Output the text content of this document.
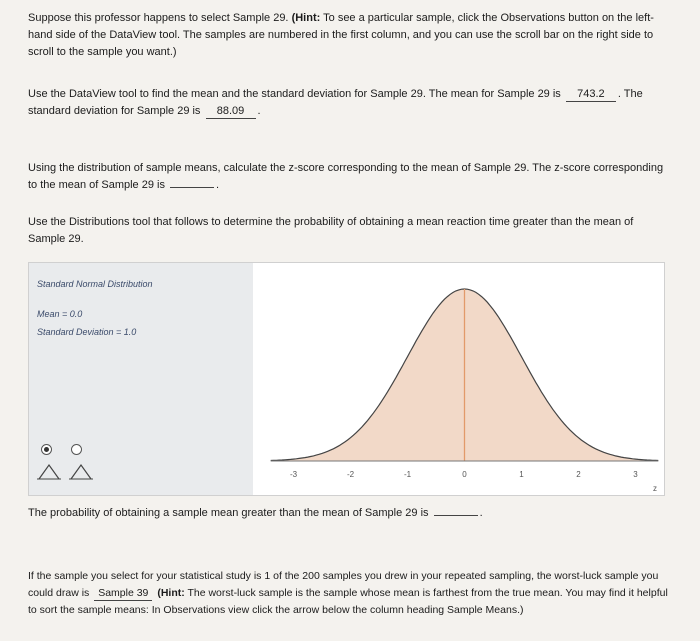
Suppose this professor happens to select Sample 29. (Hint: To see a particular sample, click the Observations button on the left-hand side of the DataView tool. The samples are numbered in the first column, and you can use the scroll bar on the right side to scroll to the sample you want.)
Use the DataView tool to find the mean and the standard deviation for Sample 29. The mean for Sample 29 is 743.2 . The standard deviation for Sample 29 is 88.09 .
Using the distribution of sample means, calculate the z-score corresponding to the mean of Sample 29. The z-score corresponding to the mean of Sample 29 is	.
Use the Distributions tool that follows to determine the probability of obtaining a mean reaction time greater than the mean of Sample 29.
Standard Normal Distribution
Mean = 0.0
Standard Deviation = 1.0
-3	-2	-1	0	1	2	3
z
The probability of obtaining a sample mean greater than the mean of Sample 29 is	.
If the sample you select for your statistical study is 1 of the 200 samples you drew in your repeated sampling, the worst-luck sample you could draw is Sample 39 (Hint: The worst-luck sample is the sample whose mean is farthest from the true mean. You may find it helpful to sort the sample means: In Observations view click the arrow below the column heading Sample Means.)
